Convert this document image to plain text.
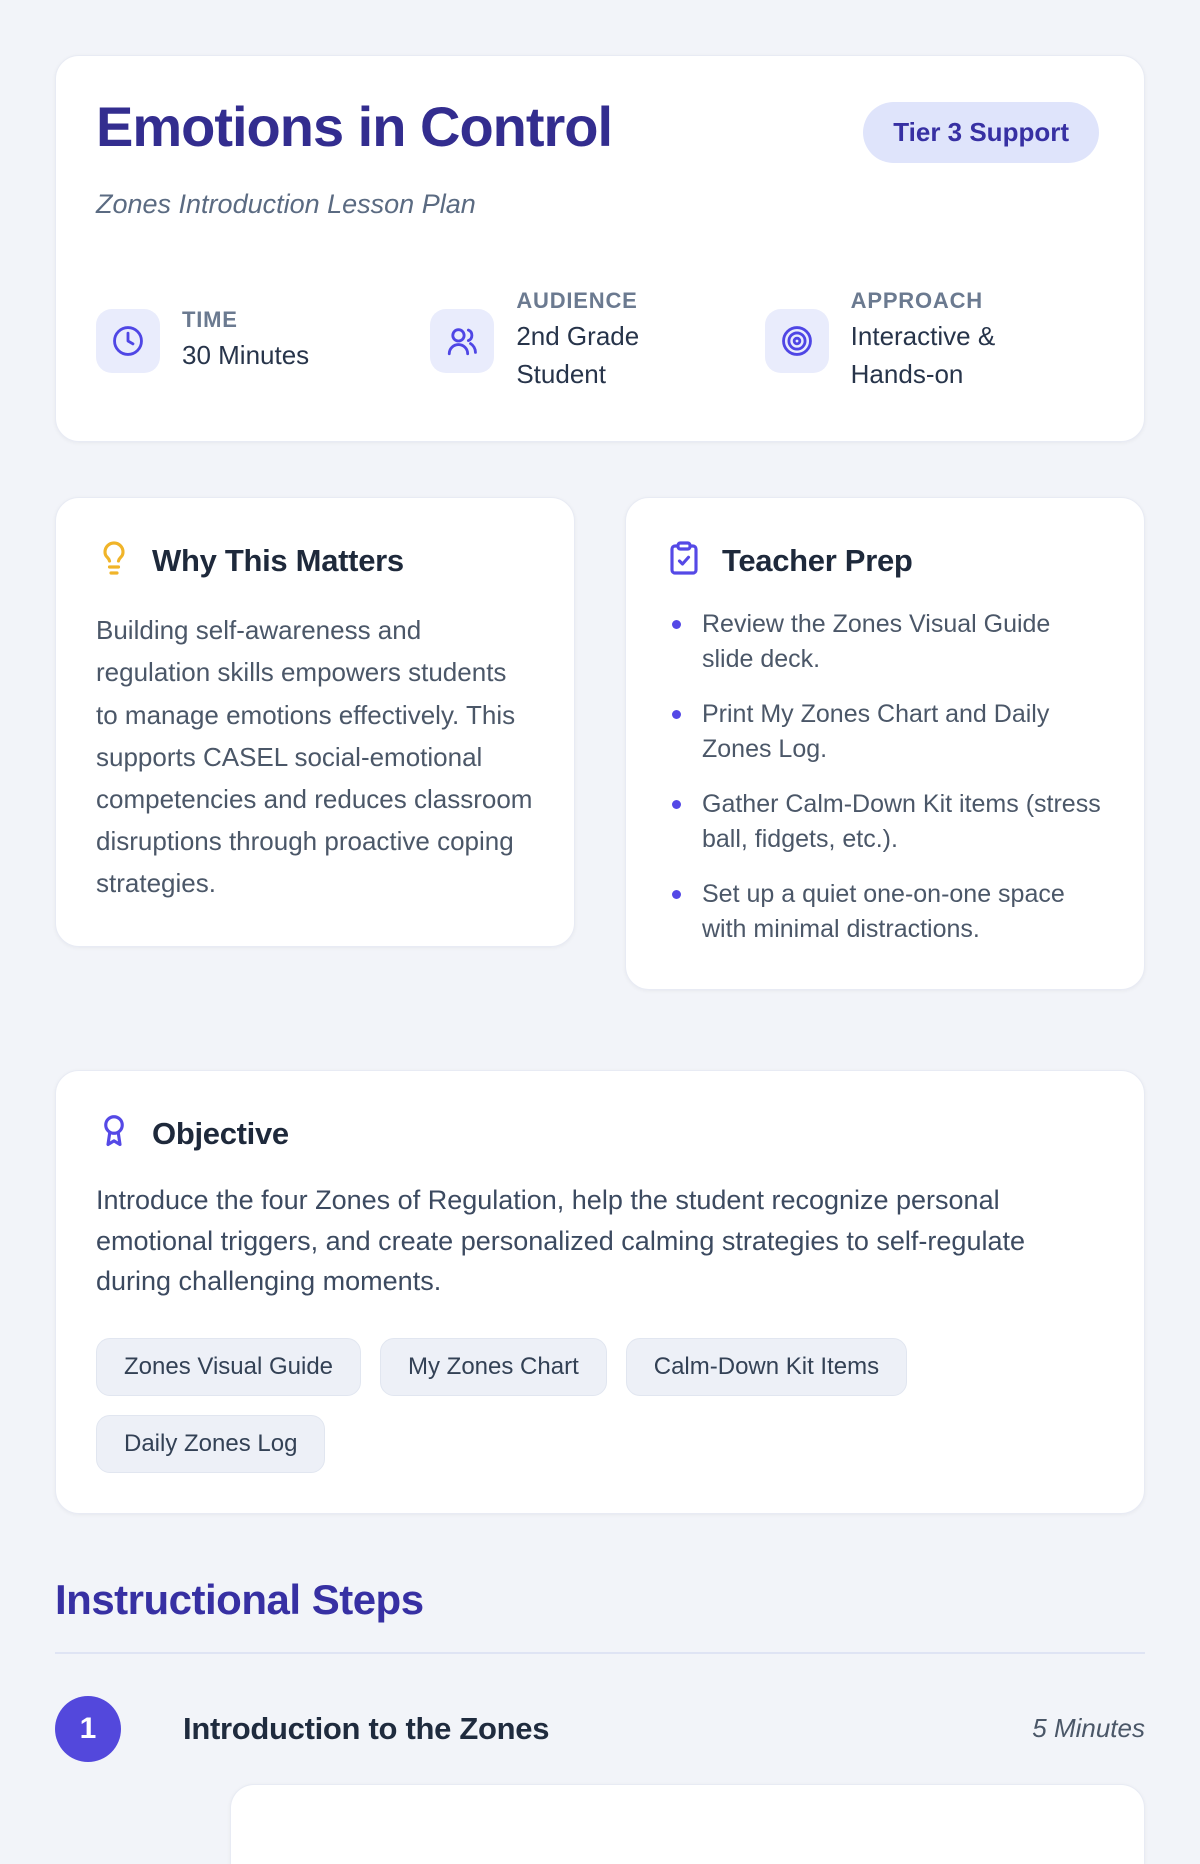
Emotions in Control	Tier 3 Support
Zones Introduction Lesson Plan
TIME
30 Minutes
AUDIENCE
2nd Grade Student
APPROACH
Interactive & Hands-on
Why This Matters

Building self-awareness and regulation skills empowers students to manage emotions effectively. This supports CASEL social-emotional competencies and reduces classroom disruptions through proactive coping strategies.

Teacher Prep
Review the Zones Visual Guide slide deck.
Print My Zones Chart and Daily Zones Log.
Gather Calm-Down Kit items (stress ball, fidgets, etc.).
Set up a quiet one-on-one space with minimal distractions.
Objective

Introduce the four Zones of Regulation, help the student recognize personal emotional triggers, and create personalized calming strategies to self-regulate during challenging moments.

Zones Visual Guide	My Zones Chart	Calm-Down Kit Items
Daily Zones Log
Instructional Steps
1	Introduction to the Zones	5 Minutes
